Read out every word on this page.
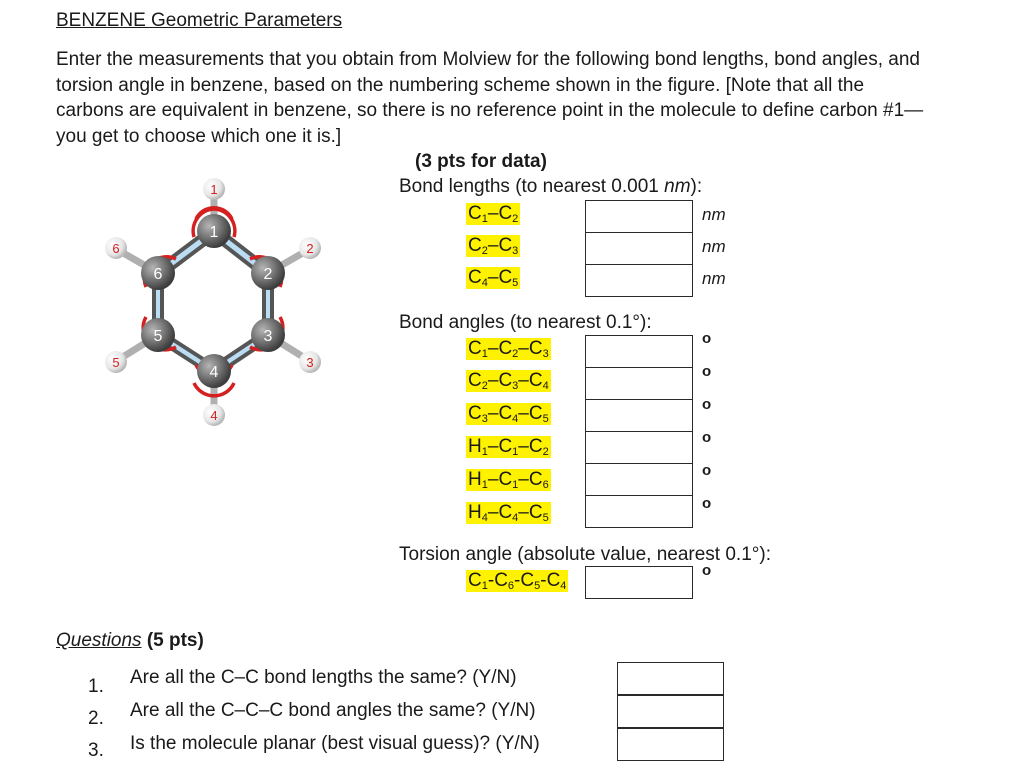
BENZENE Geometric Parameters
Enter the measurements that you obtain from Molview for the following bond lengths, bond angles, and torsion angle in benzene, based on the numbering scheme shown in the figure. [Note that all the carbons are equivalent in benzene, so there is no reference point in the molecule to define carbon #1— you get to choose which one it is.]
(3 pts for data)
Bond lengths (to nearest 0.001 nm):
$C_1-C_2$
$C_2-C_3$
$C_4-C_5$
nm
nm
nm
Bond angles (to nearest 0.1°):
$C_1-C_2-C_3$
$C_2-C_3-C_4$
$C_3-C_4-C_5$
$H_1-C_1-C_2$
$H_1-C_1-C_6$
$H_4-C_4-C_5$
o
o
o
o
o
o
Torsion angle (absolute value, nearest 0.1°):
$C_1-C_6-C_5-C_4$
o
Questions (5 pts)
1. Are all the C–C bond lengths the same? (Y/N)
2. Are all the C–C–C bond angles the same? (Y/N)
3. Is the molecule planar (best visual guess)? (Y/N)
1
2
3
4
5
6
1
2
3
4
5
6
